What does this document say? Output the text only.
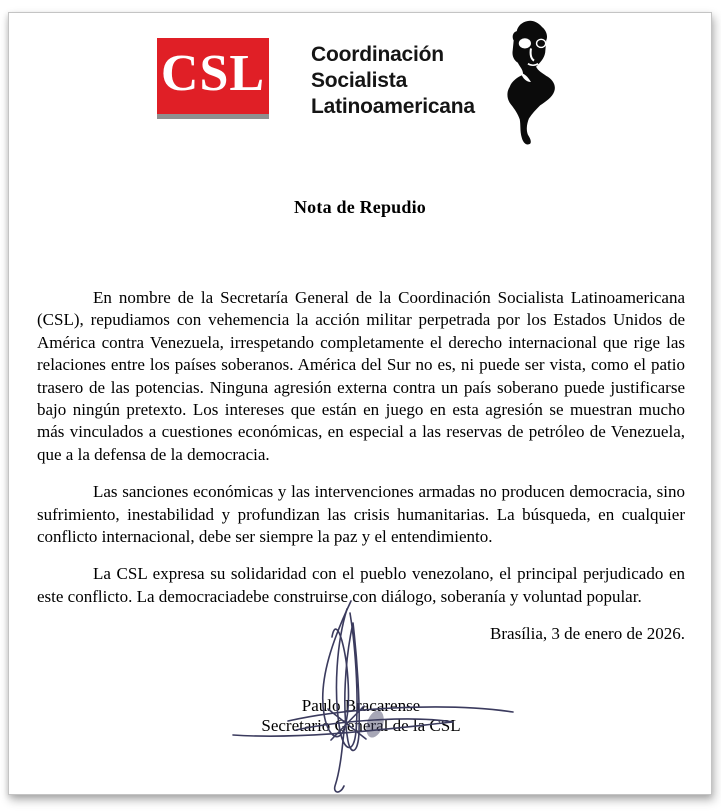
CSL Coordinación
Socialista
Latinoamericana
Nota de Repudio

En nombre de la Secretaría General de la Coordinación Socialista Latinoamericana (CSL), repudiamos con vehemencia la acción militar perpetrada por los Estados Unidos de América contra Venezuela, irrespetando completamente el derecho internacional que rige las relaciones entre los países soberanos. América del Sur no es, ni puede ser vista, como el patio trasero de las potencias. Ninguna agresión externa contra un país soberano puede justificarse bajo ningún pretexto. Los intereses que están en juego en esta agresión se muestran mucho más vinculados a cuestiones económicas, en especial a las reservas de petróleo de Venezuela, que a la defensa de la democracia.

Las sanciones económicas y las intervenciones armadas no producen democracia, sino sufrimiento, inestabilidad y profundizan las crisis humanitarias. La búsqueda, en cualquier conflicto internacional, debe ser siempre la paz y el entendimiento.

La CSL expresa su solidaridad con el pueblo venezolano, el principal perjudicado en este conflicto. La democraciadebe construirse con diálogo, soberanía y voluntad popular.

Brasília, 3 de enero de 2026.
Paulo Bracarense
Secretario General de la CSL
